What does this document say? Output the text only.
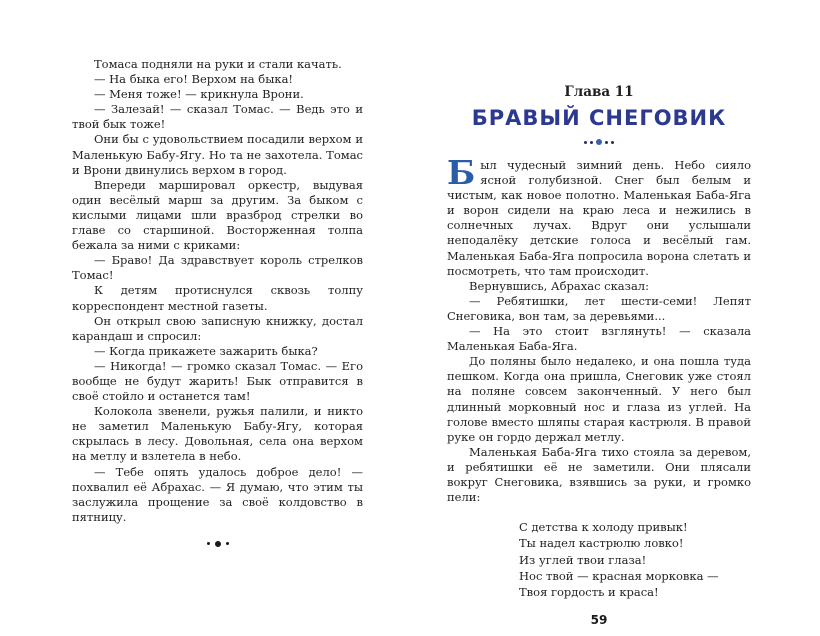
Томаса подняли на руки и стали качать.

— На быка его! Верхом на быка!

— Меня тоже! — крикнула Врони.

— Залезай! — сказал Томас. — Ведь это и твой бык тоже!

Они бы с удовольствием посадили верхом и Маленькую Бабу-Ягу. Но та не захотела. Томас и Врони двинулись верхом в город.

Впереди маршировал оркестр, выдувая один весёлый марш за другим. За быком с кислыми лицами шли вразброд стрелки во главе со старшиной. Восторженная толпа бежала за ними с криками:

— Браво! Да здравствует король стрелков Томас!

К детям протиснулся сквозь толпу корреспондент местной газеты.

Он открыл свою записную книжку, достал карандаш и спросил:

— Когда прикажете зажарить быка?

— Никогда! — громко сказал Томас. — Его вообще не будут жарить! Бык отправится в своё стойло и останется там!

Колокола звенели, ружья палили, и никто не заметил Маленькую Бабу-Ягу, которая скрылась в лесу. Довольная, села она верхом на метлу и взлетела в небо.

— Тебе опять удалось доброе дело! — похвалил её Абрахас. — Я думаю, что этим ты заслужила прощение за своё колдовство в пятницу.

Глава 11
БРАВЫЙ СНЕГОВИК

Был чудесный зимний день. Небо сияло ясной голубизной. Снег был белым и чистым, как новое полотно. Маленькая Баба-Яга и ворон сидели на краю леса и нежились в солнечных лучах. Вдруг они услышали неподалёку детские голоса и весёлый гам. Маленькая Баба-Яга попросила ворона слетать и посмотреть, что там происходит.

Вернувшись, Абрахас сказал:

— Ребятишки, лет шести-семи! Лепят Снеговика, вон там, за деревьями...

— На это стоит взглянуть! — сказала Маленькая Баба-Яга.

До поляны было недалеко, и она пошла туда пешком. Когда она пришла, Снеговик уже стоял на поляне совсем законченный. У него был длинный морковный нос и глаза из углей. На голове вместо шляпы старая кастрюля. В правой руке он гордо держал метлу.

Маленькая Баба-Яга тихо стояла за деревом, и ребятишки её не заметили. Они плясали вокруг Снеговика, взявшись за руки, и громко пели:

С детства к холоду привык!
Ты надел кастрюлю ловко!
Из углей твои глаза!
Нос твой — красная морковка —
Твоя гордость и краса!
59
